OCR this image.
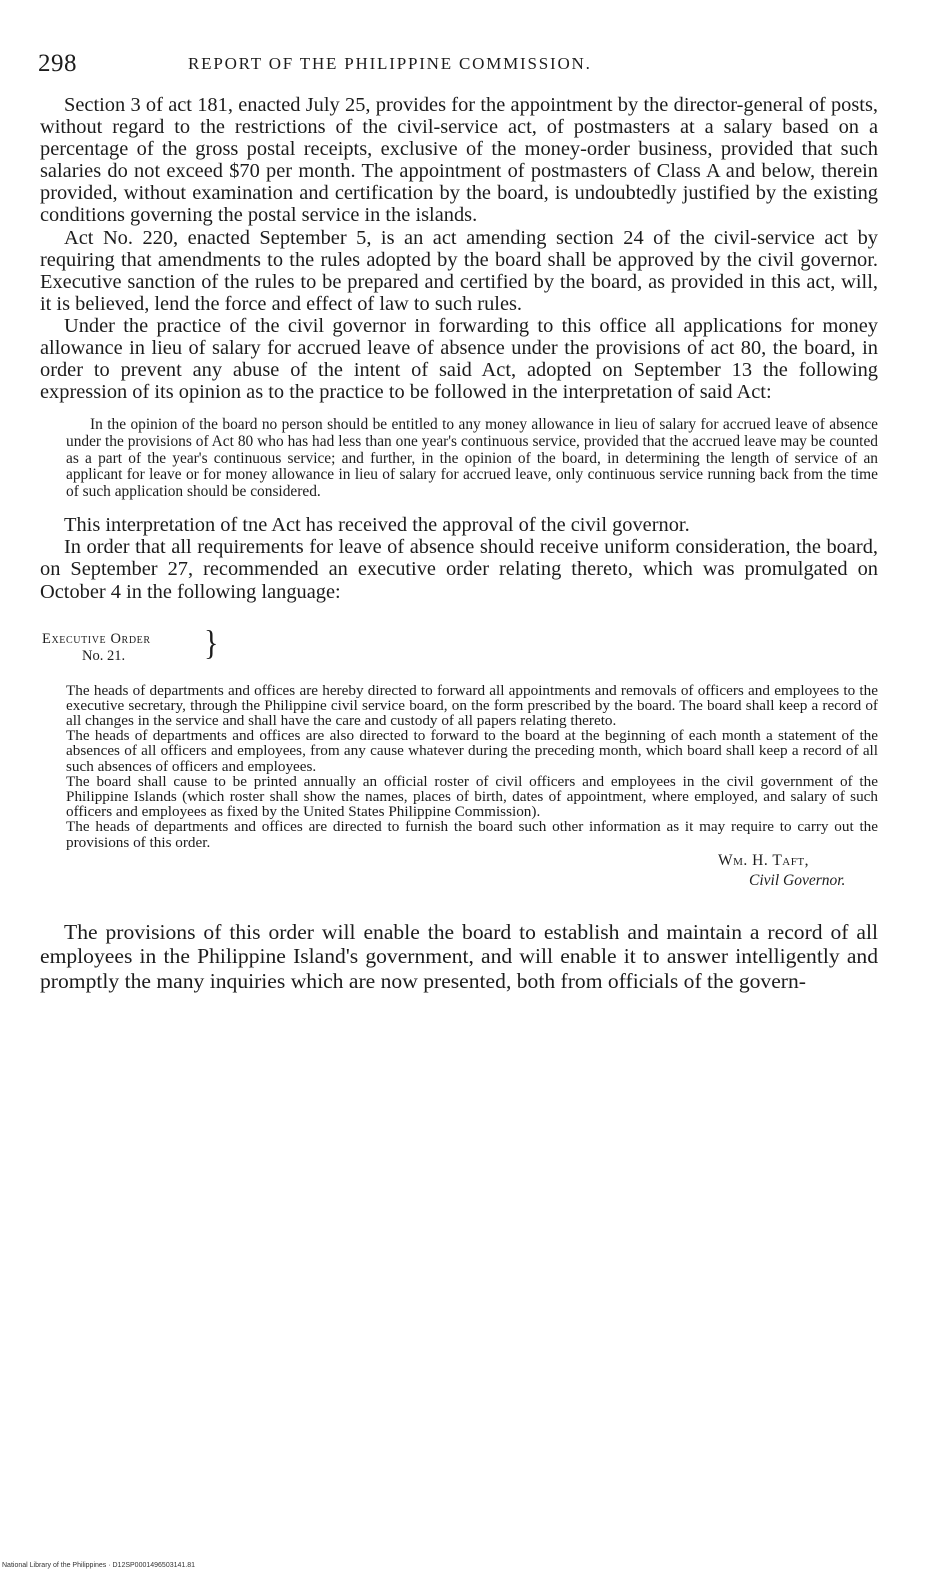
298	REPORT OF THE PHILIPPINE COMMISSION.

Section 3 of act 181, enacted July 25, provides for the appointment by the director-general of posts, without regard to the restrictions of the civil-service act, of postmasters at a salary based on a percentage of the gross postal receipts, exclusive of the money-order business, provided that such salaries do not exceed $70 per month. The appointment of postmasters of Class A and below, therein provided, without examination and certification by the board, is undoubtedly justified by the existing conditions governing the postal service in the islands.

Act No. 220, enacted September 5, is an act amending section 24 of the civil-service act by requiring that amendments to the rules adopted by the board shall be approved by the civil governor. Executive sanction of the rules to be prepared and certified by the board, as provided in this act, will, it is believed, lend the force and effect of law to such rules.

Under the practice of the civil governor in forwarding to this office all applications for money allowance in lieu of salary for accrued leave of absence under the provisions of act 80, the board, in order to prevent any abuse of the intent of said Act, adopted on September 13 the following expression of its opinion as to the practice to be followed in the interpretation of said Act:

In the opinion of the board no person should be entitled to any money allowance in lieu of salary for accrued leave of absence under the provisions of Act 80 who has had less than one year's continuous service, provided that the accrued leave may be counted as a part of the year's continuous service; and further, in the opinion of the board, in determining the length of service of an applicant for leave or for money allowance in lieu of salary for accrued leave, only continuous service running back from the time of such application should be considered.

This interpretation of tne Act has received the approval of the civil governor.

In order that all requirements for leave of absence should receive uniform consideration, the board, on September 27, recommended an executive order relating thereto, which was promulgated on October 4 in the following language:

Executive Order
No. 21.	}

The heads of departments and offices are hereby directed to forward all appointments and removals of officers and employees to the executive secretary, through the Philippine civil service board, on the form prescribed by the board. The board shall keep a record of all changes in the service and shall have the care and custody of all papers relating thereto.

The heads of departments and offices are also directed to forward to the board at the beginning of each month a statement of the absences of all officers and employees, from any cause whatever during the preceding month, which board shall keep a record of all such absences of officers and employees.

The board shall cause to be printed annually an official roster of civil officers and employees in the civil government of the Philippine Islands (which roster shall show the names, places of birth, dates of appointment, where employed, and salary of such officers and employees as fixed by the United States Philippine Commission).

The heads of departments and offices are directed to furnish the board such other information as it may require to carry out the provisions of this order.

Wm. H. Taft,
Civil Governor.

The provisions of this order will enable the board to establish and maintain a record of all employees in the Philippine Island's government, and will enable it to answer intelligently and promptly the many inquiries which are now presented, both from officials of the govern-

National Library of the Philippines · D12SP0001496503141.81
